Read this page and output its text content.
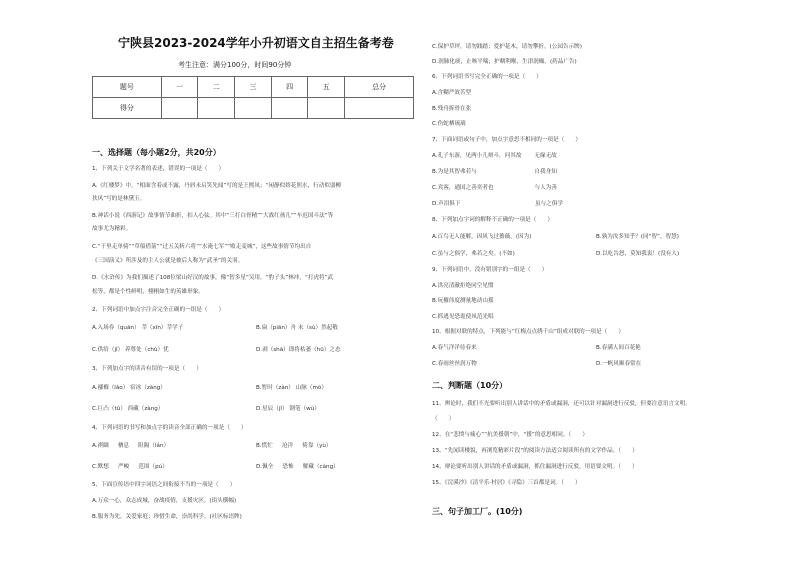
宁陕县2023-2024学年小升初语文自主招生备考卷
考生注意：满分100分，时间90分钟
题号	一	二	三	四	五	总分
得分						
一、选择题（每小题2分，共20分）
1、下列关于文学名著的表述，错误的一项是（　　）
A.《红楼梦》中，“相面含着或不露，丹唇未启笑先闻”写的是王熙凤；“闲静似娇花照水，行动似弱柳
扶风”写的是林黛玉。
B.神话小说《西游记》故事情节曲折，扣人心弦。其中“三打白骨精”“大战红孩儿”“车迟国斗法”等
故事尤为精彩。
C.“千里走单骑”“草船借箭”“过五关斩六将”“水淹七军”“败走麦城”，这些故事情节均出自
《三国演义》所涉及的主人公就是被后人称为“武圣”的关羽。
D.《水浒传》为我们描述了108位梁山好汉的故事，像“智多星”吴用，“豹子头”林冲，“打虎将”武
松等，都是个性鲜明，栩栩如生的英雄形象。
2、下列词语中加点字注音完全正确的一组是（　　）
A.入场券（quàn） 莘（xīn）莘学子	B.扁（piān）舟 未（sù）然起敬
C.供给（jǐ） 养尊处（chù）优	D.剥（shā）即将枯萎（hū）之态
3、下列加点字的读音有误的一项是（　　）
A.襁褓（lǎo） 宿冰（zàng）	B.暂时（zàn） 山脉（mò）
C.巨凸（tū） 西藏（zàng）	D.星辰（jī） 钢笔（wù）
4、下列词语的书写和加点字的读音全部正确的一项是（　　）
A.祺瞓 　 栖息 　 阻隔（lán）	B.慌忙 　 沧洋 　 倚靠（yù）
C.默想 　 严峻 　 范围（pú）	D.佩全 　 恐怖 　 解藏（càng）
5、下面宣传语中四字词语之间衔接不当的一项是（　　）
A.万众一心，众志成城，奋战疫情，支援灾区。(街头横幅)
B.服务为先，关爱家庭；珍惜生命，崇尚科学。(社区标语牌)
C.保护草坪，请勿践踏；爱护花木，请勿攀折。(公园告示牌)
D.润肺化痰，止咳平喘；护咽利喉，生津润燥。(药品广告)
6、下列词语书写完全正确的一项是（　　）
A.含糊严效苦型
B.残舟拆骨在张
C.伤蛇栖琉璃
7、下面词语或句子中，加点字意思不相同的一项是（　　）
A.孔子东游，见两小儿辩斗，问其故 　　无缘无故
B.为是其智弗若与 　　　　　　　　　　自我身知
C.宾客，通国之善奕者也 　　　　　　　与人为善
D.声泪俱下 　　　　　　　　　　　　　虽与之俱学
8、下列加点字词的解释不正确的一项是（　　）
A.百鸟无人能解，因风飞过薔薇。(因为)	B.孰为汝多知乎？(同“智”，智慧)
C.虽与之俱学，弗若之矣。(不如)	D.以吃告怒，莫知我衷！(没有人)
9、下列词语中，没有错别字的一组是（　　）
A.洪亮清澈拒绝同空见惯
B.玩羅伟度测量地动山摇
C.抓逃见恐诡使凤范光唱
10、根据对联的特点，下列能与“红梅点点绣千山”组成对联的一项是（　　）
A.春气洋洋待春来	B.春满人间百花艳
C.春雨丝丝润万物	D.一帆风顺春常在
二、判断题（10分）
11、辨论时，我们不光要听出别人讲话中的矛盾或漏洞，还可以针对漏洞进行反驳，但要注意语言文明。
（　　）
12、在“悲愤与痛心”“抗美援朝”中，“援”的意思相同。（　　）
13、“先闻读楼貌，再浏览精彩片段”的阅读方法适合阅读所有的文学作品。（　　）
14、辩论要听出别人讲话的矛盾或漏洞，抓住漏洞进行反驳，用语要文明。（　　）
15、《浣溪沙》《清平乐·村居》《寻隐》三首都是词。（　　）
三、句子加工厂。(10分)
